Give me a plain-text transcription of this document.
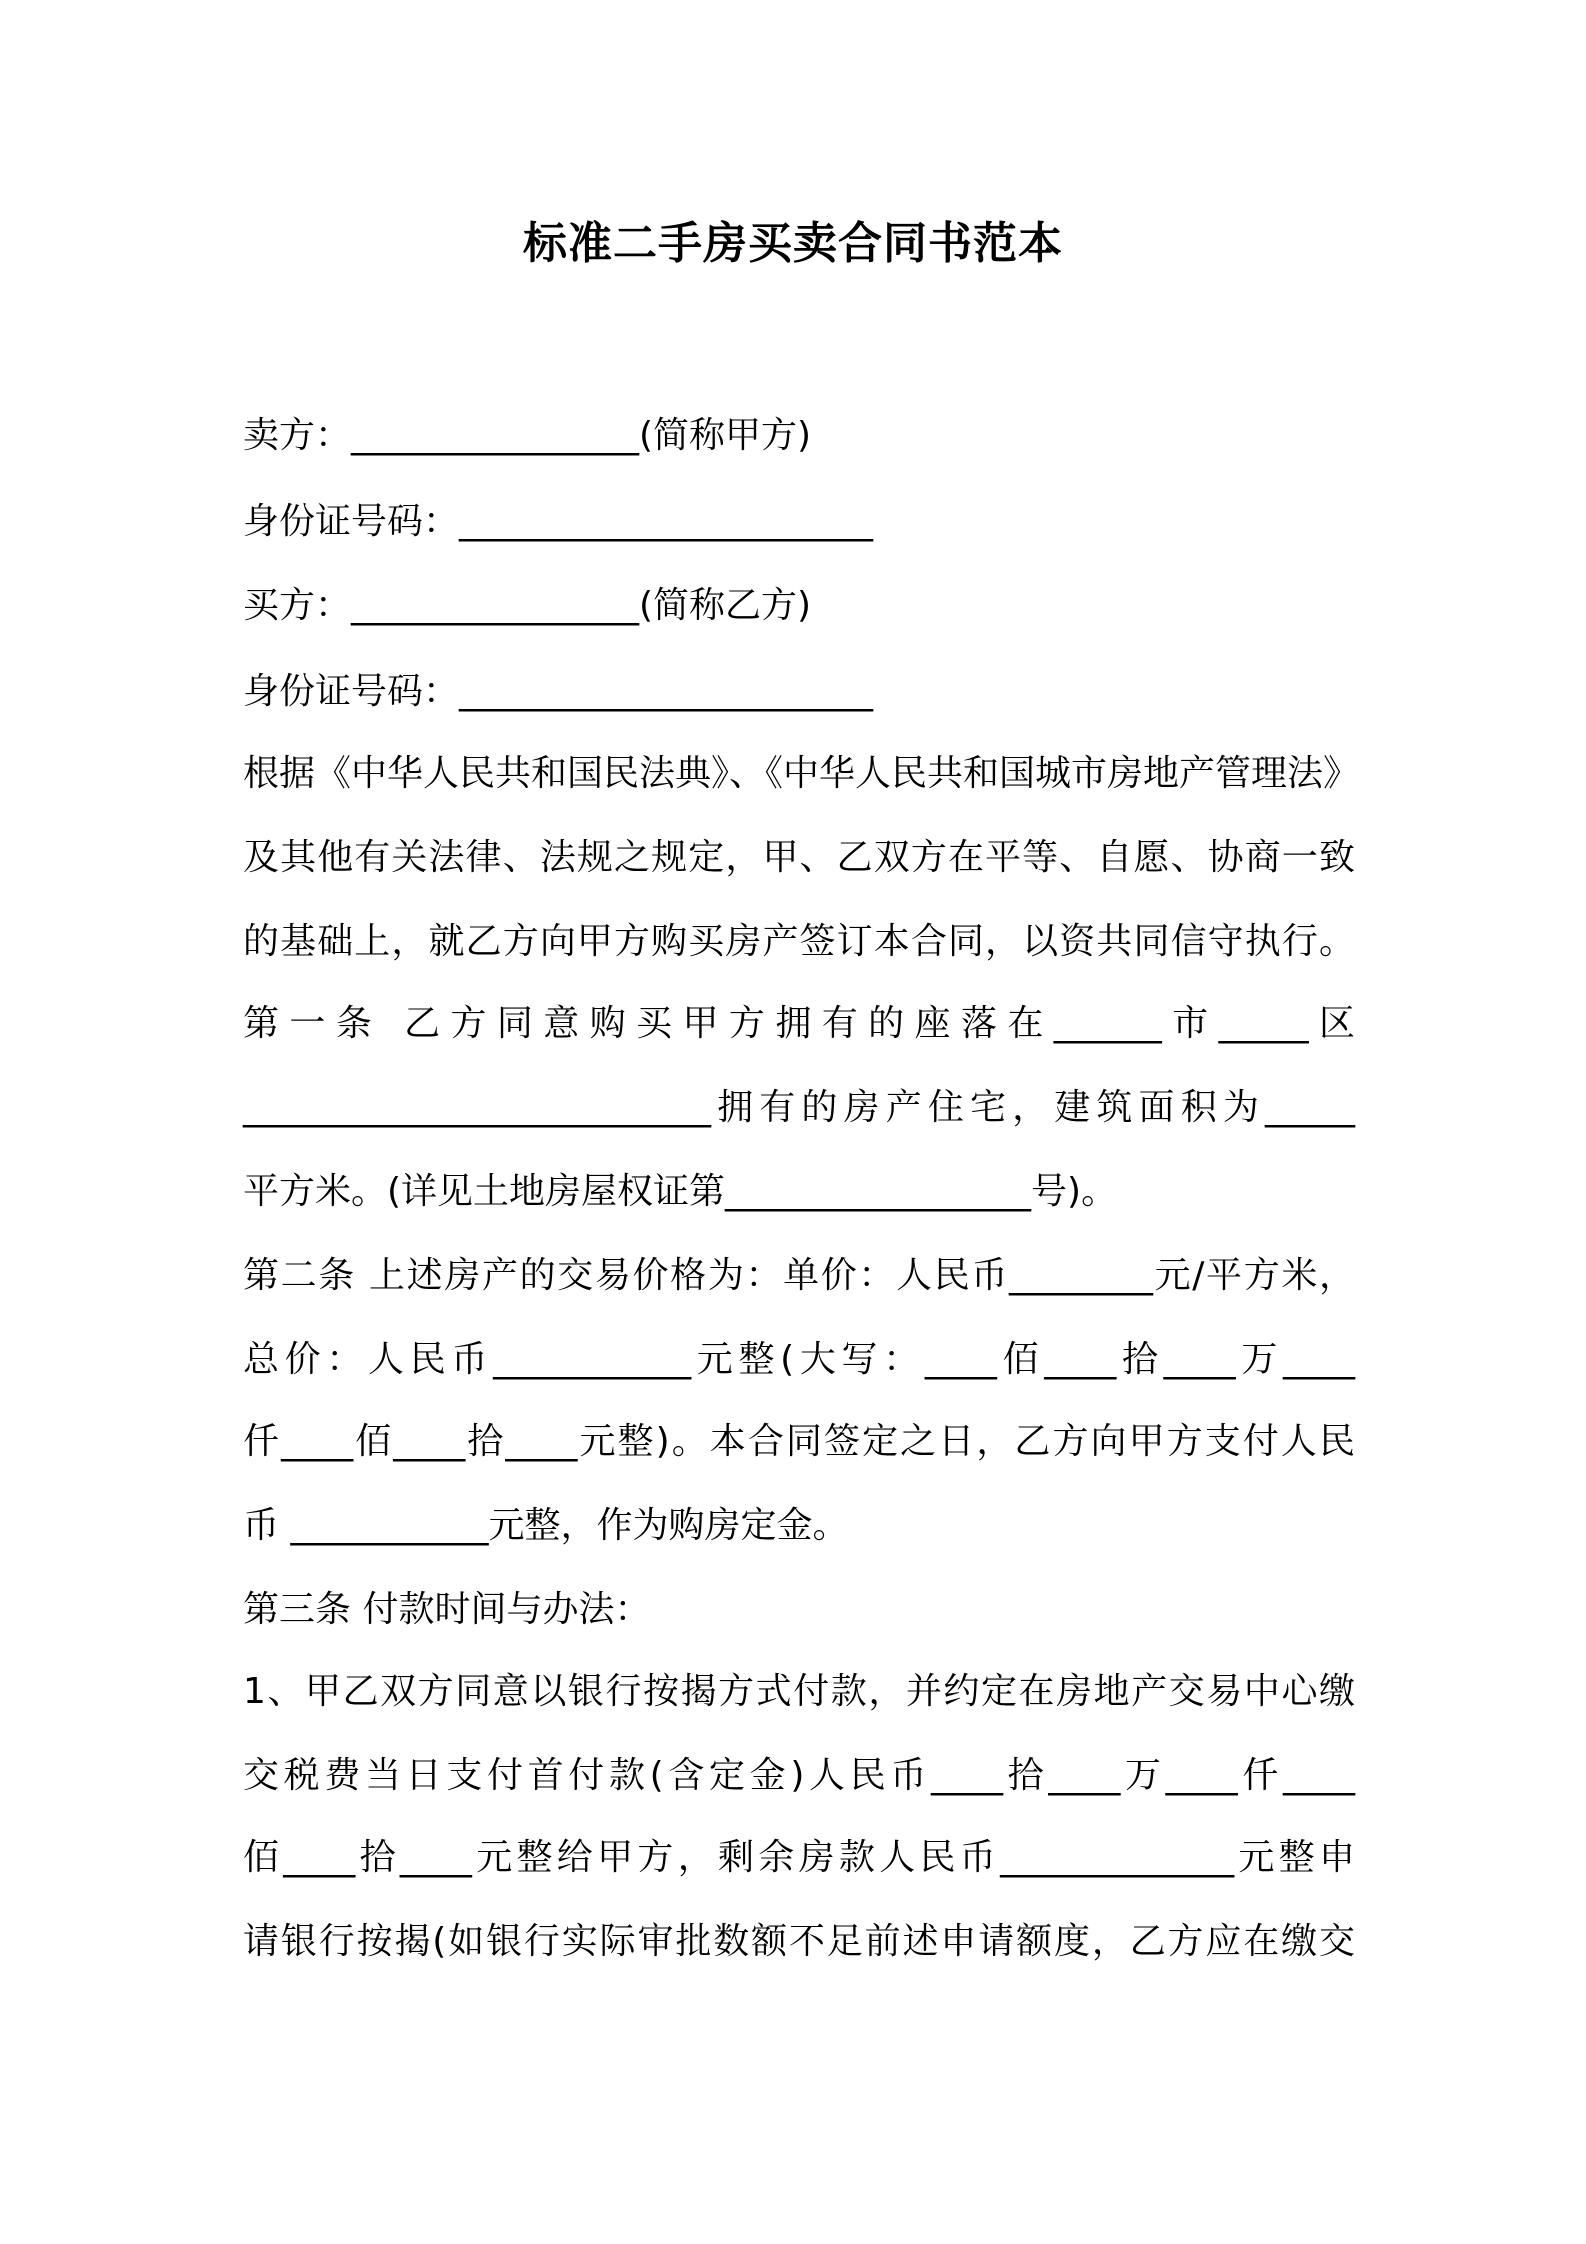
标准二手房买卖合同书范本
卖方：________________(简称甲方)
身份证号码：_______________________
买方：________________(简称乙方)
身份证号码：_______________________
根据《中华人民共和国民法典》、《中华人民共和国城市房地产管理法》
及其他有关法律、法规之规定，甲、乙双方在平等、自愿、协商一致
的基础上，就乙方向甲方购买房产签订本合同，以资共同信守执行。
第一条 乙方同意购买甲方拥有的座落在______市_____区
__________________________拥有的房产住宅，建筑面积为_____
平方米。(详见土地房屋权证第_________________号)。
第二条 上述房产的交易价格为：单价：人民币________元/平方米，
总价：人民币___________元整(大写：____佰____拾____万____
仟____佰____拾____元整)。本合同签定之日，乙方向甲方支付人民
币 ___________元整，作为购房定金。
第三条 付款时间与办法：
1、甲乙双方同意以银行按揭方式付款，并约定在房地产交易中心缴
交税费当日支付首付款(含定金)人民币____拾____万____仟____
佰____拾____元整给甲方，剩余房款人民币_____________元整申
请银行按揭(如银行实际审批数额不足前述申请额度，乙方应在缴交
